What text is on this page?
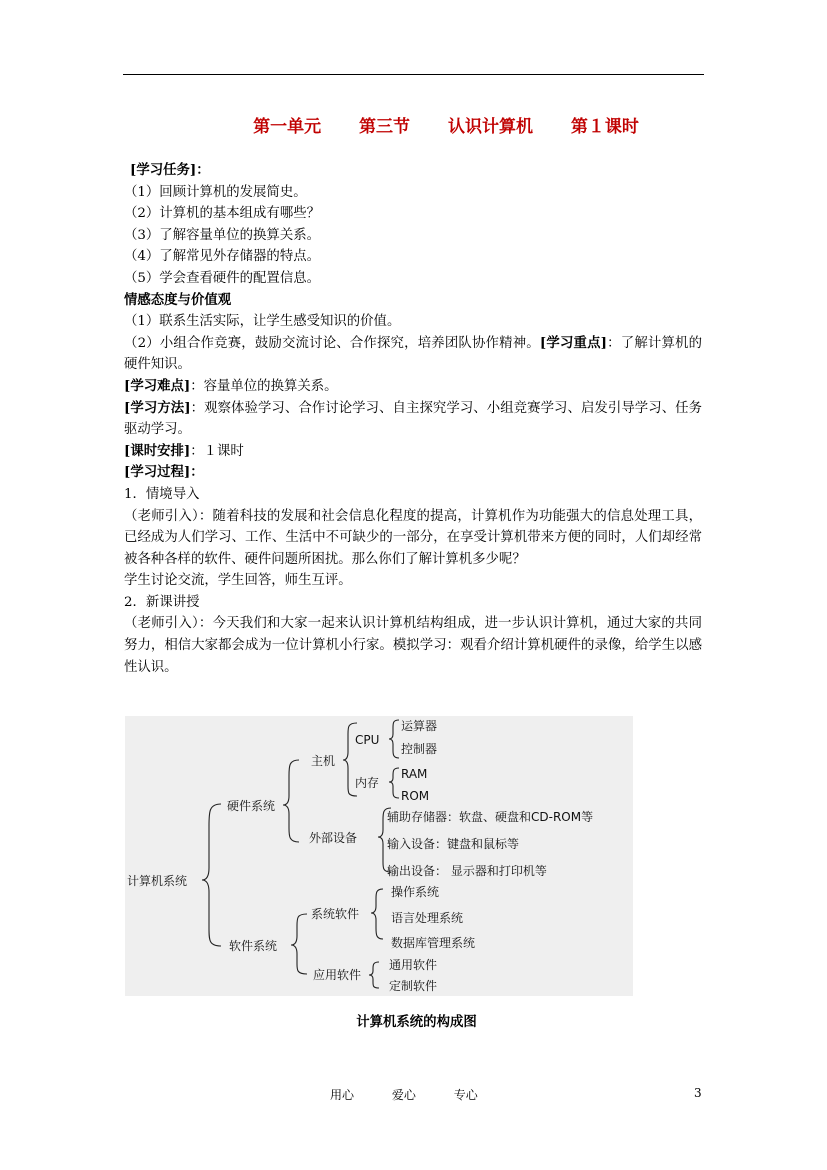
第一单元 第三节 认识计算机 第１课时

[学习任务]：

（1）回顾计算机的发展简史。

（2）计算机的基本组成有哪些？

（3）了解容量单位的换算关系。

（4）了解常见外存储器的特点。

（5）学会查看硬件的配置信息。

情感态度与价值观

（1）联系生活实际，让学生感受知识的价值。

（2）小组合作竞赛，鼓励交流讨论、合作探究，培养团队协作精神。[学习重点]：了解计算机的硬件知识。

[学习难点]：容量单位的换算关系。

[学习方法]：观察体验学习、合作讨论学习、自主探究学习、小组竞赛学习、启发引导学习、任务驱动学习。

[课时安排]：１课时

[学习过程]：

1．情境导入

（老师引入）：随着科技的发展和社会信息化程度的提高，计算机作为功能强大的信息处理工具，已经成为人们学习、工作、生活中不可缺少的一部分，在享受计算机带来方便的同时，人们却经常被各种各样的软件、硬件问题所困扰。那么你们了解计算机多少呢？

学生讨论交流，学生回答，师生互评。

2．新课讲授

（老师引入）：今天我们和大家一起来认识计算机结构组成，进一步认识计算机，通过大家的共同努力，相信大家都会成为一位计算机小行家。模拟学习：观看介绍计算机硬件的录像，给学生以感性认识。

计算机系统
硬件系统
主机
CPU
运算器
控制器
内存
RAM
ROM
外部设备
辅助存储器：软盘、硬盘和CD-ROM等
输入设备：键盘和鼠标等
输出设备： 显示器和打印机等
软件系统
系统软件
操作系统
语言处理系统
数据库管理系统
应用软件
通用软件
定制软件
计算机系统的构成图
用心	爱心	专心	3
